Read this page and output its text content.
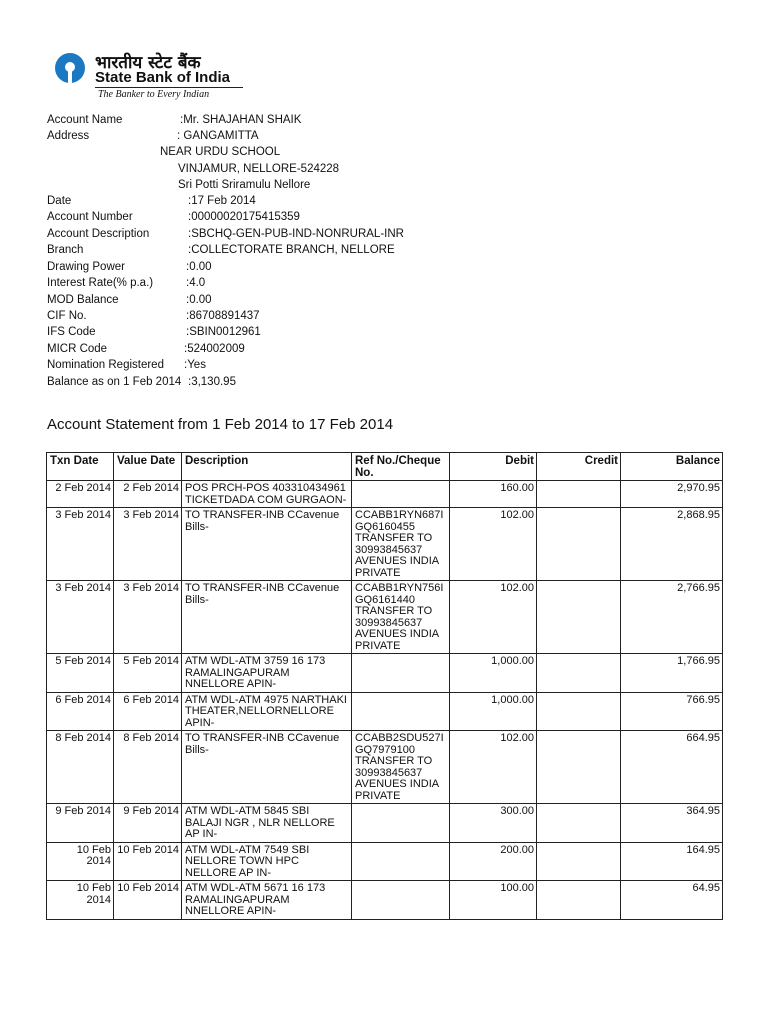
भारतीय स्टेट बैंक
State Bank of India
The Banker to Every Indian
Account Name	:Mr. SHAJAHAN SHAIK
Address	: GANGAMITTA
NEAR URDU SCHOOL
VINJAMUR, NELLORE-524228
Sri Potti Sriramulu Nellore
Date	:17 Feb 2014
Account Number	:00000020175415359
Account Description	:SBCHQ-GEN-PUB-IND-NONRURAL-INR
Branch	:COLLECTORATE BRANCH, NELLORE
Drawing Power	:0.00
Interest Rate(% p.a.)	:4.0
MOD Balance	:0.00
CIF No.	:86708891437
IFS Code	:SBIN0012961
MICR Code	:524002009
Nomination Registered :Yes
Balance as on 1 Feb 2014 :3,130.95
Account Statement from 1 Feb 2014 to 17 Feb 2014
Txn Date	Value Date	Description	Ref No./Cheque No.	Debit	Credit	Balance
2 Feb 2014	2 Feb 2014	POS PRCH-POS 403310434961 TICKETDADA COM GURGAON-		160.00		2,970.95
3 Feb 2014	3 Feb 2014	TO TRANSFER-INB CCavenue Bills-	CCABB1RYN687I GQ6160455 TRANSFER TO 30993845637 AVENUES INDIA PRIVATE	102.00		2,868.95
3 Feb 2014	3 Feb 2014	TO TRANSFER-INB CCavenue Bills-	CCABB1RYN756I GQ6161440 TRANSFER TO 30993845637 AVENUES INDIA PRIVATE	102.00		2,766.95
5 Feb 2014	5 Feb 2014	ATM WDL-ATM 3759 16 173 RAMALINGAPURAM NNELLORE APIN-		1,000.00		1,766.95
6 Feb 2014	6 Feb 2014	ATM WDL-ATM 4975 NARTHAKI THEATER,NELLORNELLORE APIN-		1,000.00		766.95
8 Feb 2014	8 Feb 2014	TO TRANSFER-INB CCavenue Bills-	CCABB2SDU527I GQ7979100 TRANSFER TO 30993845637 AVENUES INDIA PRIVATE	102.00		664.95
9 Feb 2014	9 Feb 2014	ATM WDL-ATM 5845 SBI BALAJI NGR , NLR NELLORE AP IN-		300.00		364.95
10 Feb 2014	10 Feb 2014	ATM WDL-ATM 7549 SBI NELLORE TOWN HPC NELLORE AP IN-		200.00		164.95
10 Feb 2014	10 Feb 2014	ATM WDL-ATM 5671 16 173 RAMALINGAPURAM NNELLORE APIN-		100.00		64.95
